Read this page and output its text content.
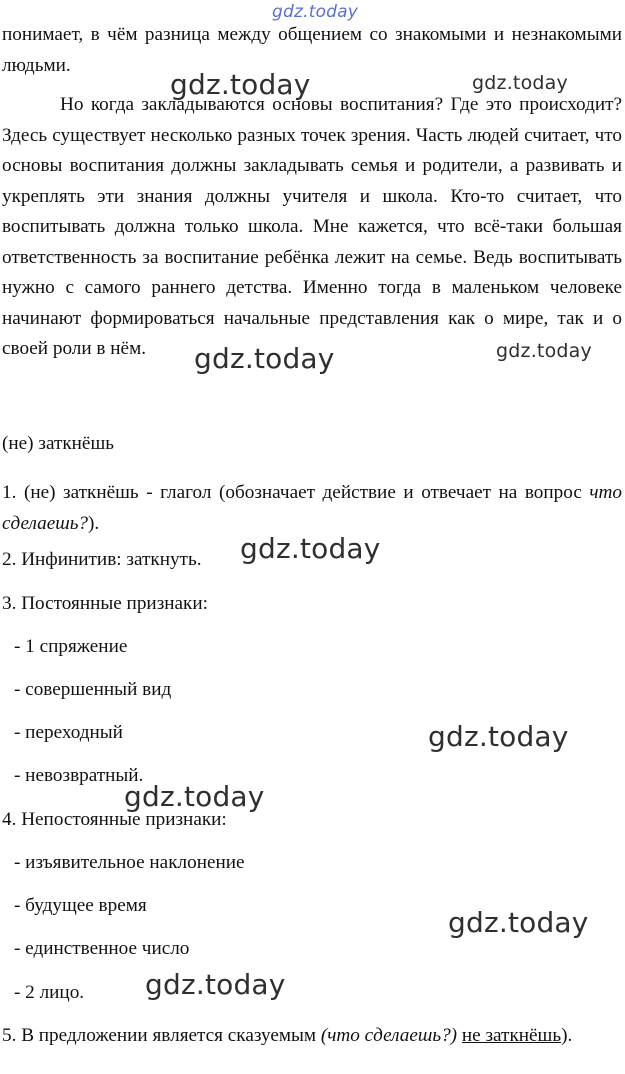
gdz.today
gdz.today	gdz.today
gdz.today	gdz.today
gdz.today
gdz.today
gdz.today
gdz.today
gdz.today

понимает, в чём разница между общением со знакомыми и незнакомыми людьми.

Но когда закладываются основы воспитания? Где это происходит? Здесь существует несколько разных точек зрения. Часть людей считает, что основы воспитания должны закладывать семья и родители, а развивать и укреплять эти знания должны учителя и школа. Кто-то считает, что воспитывать должна только школа. Мне кажется, что всё-таки большая ответственность за воспитание ребёнка лежит на семье. Ведь воспитывать нужно с самого раннего детства. Именно тогда в маленьком человеке начинают формироваться начальные представления как о мире, так и о своей роли в нём.

(не) заткнёшь
1. (не) заткнёшь - глагол (обозначает действие и отвечает на вопрос что сделаешь?).
2. Инфинитив: заткнуть.
3. Постоянные признаки:
- 1 спряжение
- совершенный вид
- переходный
- невозвратный.
4. Непостоянные признаки:
- изъявительное наклонение
- будущее время
- единственное число
- 2 лицо.
5. В предложении является сказуемым (что сделаешь?) не заткнёшь).
